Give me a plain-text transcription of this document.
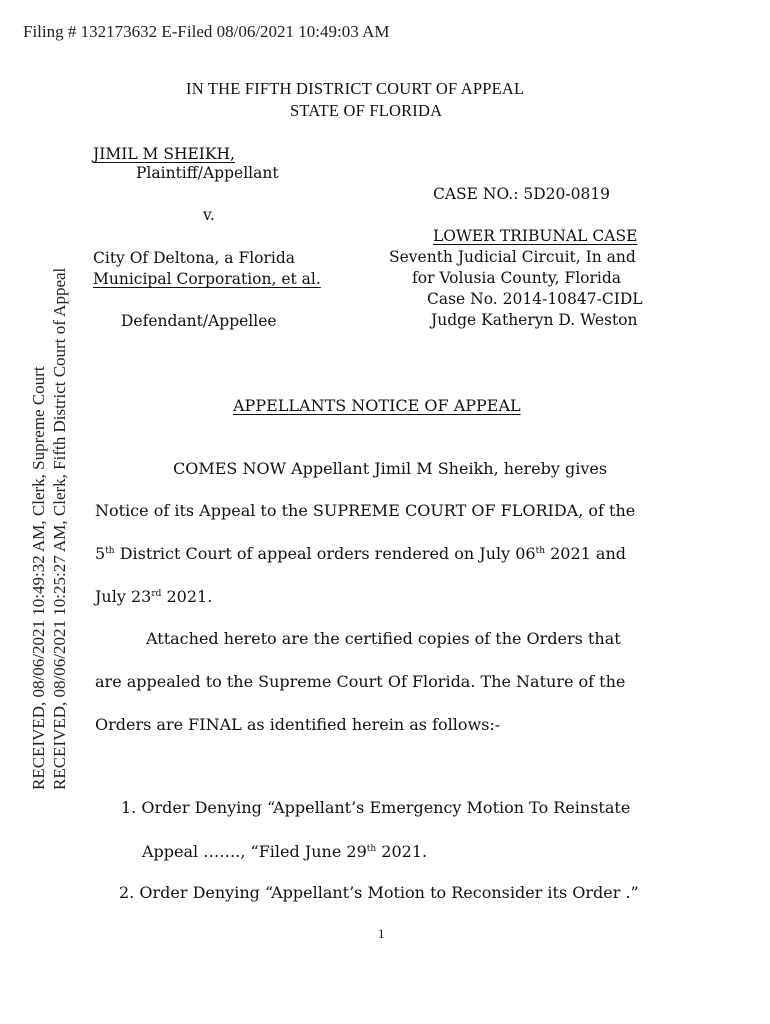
Filing # 132173632 E-Filed 08/06/2021 10:49:03 AM
RECEIVED, 08/06/2021 10:49:32 AM, Clerk, Supreme Court RECEIVED, 08/06/2021 10:25:27 AM, Clerk, Fifth District Court of Appeal
IN THE FIFTH DISTRICT COURT OF APPEAL
STATE OF FLORIDA
JIMIL M SHEIKH,
Plaintiff/Appellant
v.
City Of Deltona, a Florida
Municipal Corporation, et al.
Defendant/Appellee
CASE NO.: 5D20-0819
LOWER TRIBUNAL CASE
Seventh Judicial Circuit, In and
for Volusia County, Florida
Case No. 2014-10847-CIDL
Judge Katheryn D. Weston
APPELLANTS NOTICE OF APPEAL
COMES NOW Appellant Jimil M Sheikh, hereby gives
Notice of its Appeal to the SUPREME COURT OF FLORIDA, of the
5th District Court of appeal orders rendered on July 06th 2021 and
July 23rd 2021.
Attached hereto are the certified copies of the Orders that
are appealed to the Supreme Court Of Florida. The Nature of the
Orders are FINAL as identified herein as follows:-
1. Order Denying “Appellant’s Emergency Motion To Reinstate
Appeal ……., “Filed June 29th 2021.
2. Order Denying “Appellant’s Motion to Reconsider its Order .”
1
